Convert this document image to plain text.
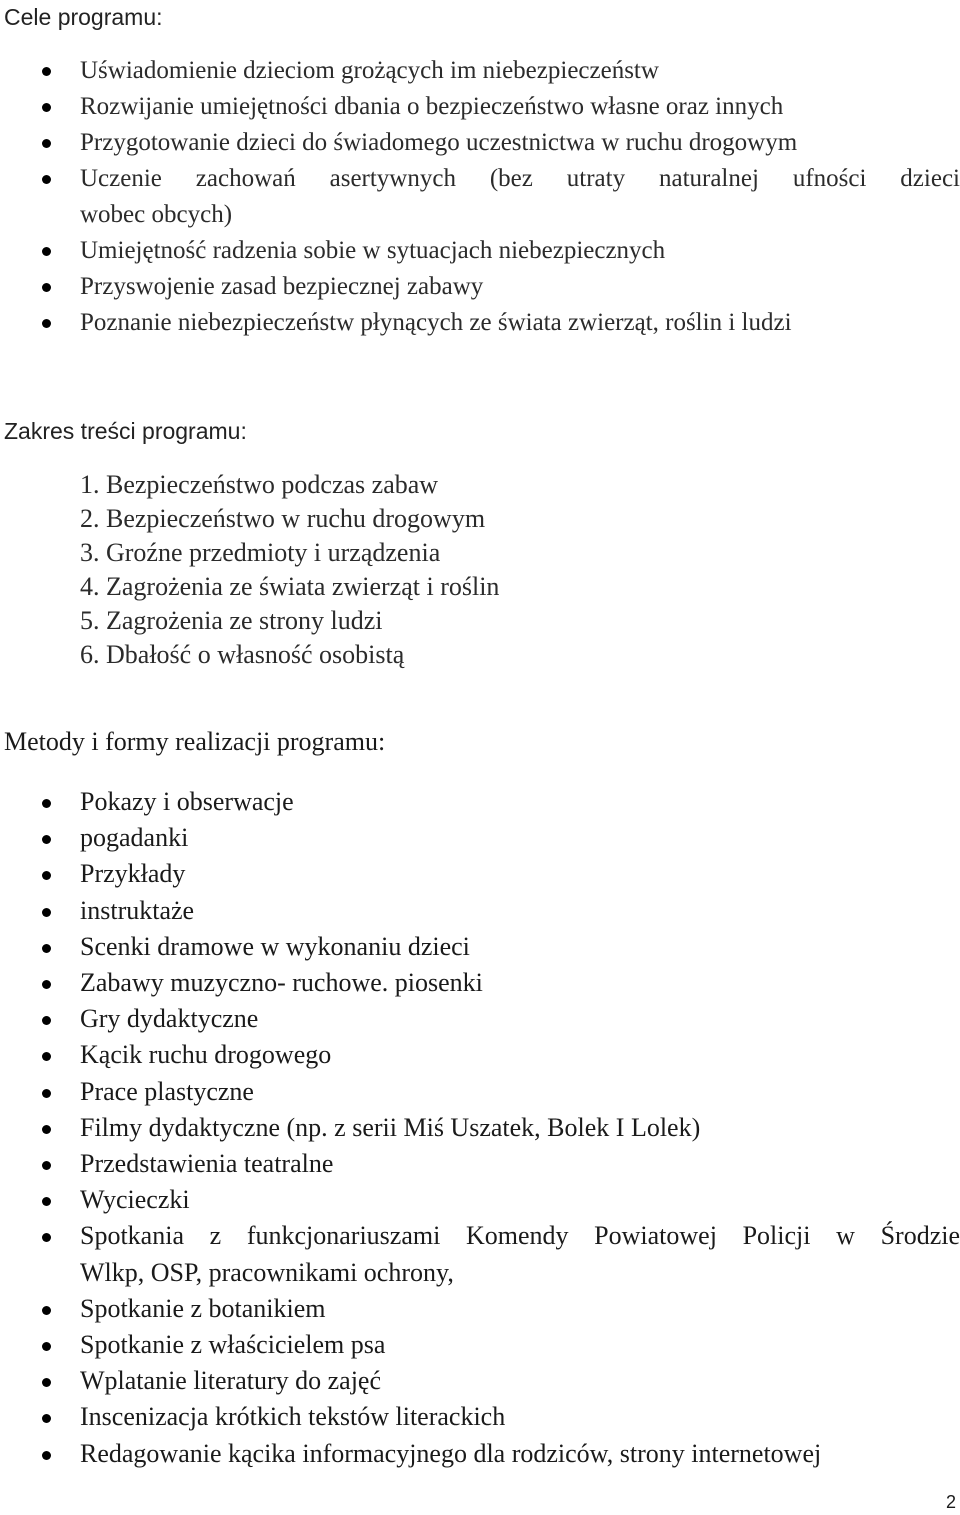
Cele programu:
Uświadomienie dzieciom grożących im niebezpieczeństw
Rozwijanie umiejętności dbania o bezpieczeństwo własne oraz innych
Przygotowanie dzieci do świadomego uczestnictwa w ruchu drogowym
Uczenie zachowań asertywnych (bez utraty naturalnej ufności dzieci
wobec obcych)
Umiejętność radzenia sobie w sytuacjach niebezpiecznych
Przyswojenie zasad bezpiecznej zabawy
Poznanie niebezpieczeństw płynących ze świata zwierząt, roślin i ludzi
Zakres treści programu:
1. Bezpieczeństwo podczas zabaw
2. Bezpieczeństwo w ruchu drogowym
3. Groźne przedmioty i urządzenia
4. Zagrożenia ze świata zwierząt i roślin
5. Zagrożenia ze strony ludzi
6. Dbałość o własność osobistą
Metody i formy realizacji programu:
Pokazy i obserwacje
pogadanki
Przykłady
instruktaże
Scenki dramowe w wykonaniu dzieci
Zabawy muzyczno- ruchowe. piosenki
Gry dydaktyczne
Kącik ruchu drogowego
Prace plastyczne
Filmy dydaktyczne (np. z serii Miś Uszatek, Bolek I Lolek)
Przedstawienia teatralne
Wycieczki
Spotkania z funkcjonariuszami Komendy Powiatowej Policji w Środzie
Wlkp, OSP, pracownikami ochrony,
Spotkanie z botanikiem
Spotkanie z właścicielem psa
Wplatanie literatury do zajęć
Inscenizacja krótkich tekstów literackich
Redagowanie kącika informacyjnego dla rodziców, strony internetowej
2
